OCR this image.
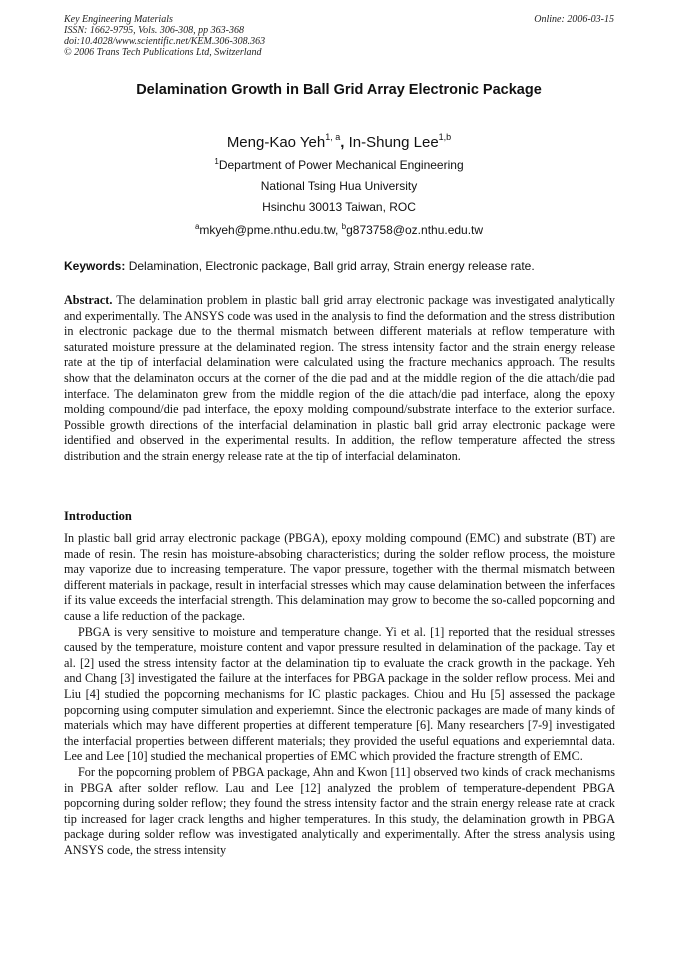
Key Engineering Materials
ISSN: 1662-9795, Vols. 306-308, pp 363-368
doi:10.4028/www.scientific.net/KEM.306-308.363
© 2006 Trans Tech Publications Ltd, Switzerland
Online: 2006-03-15
Delamination Growth in Ball Grid Array Electronic Package
Meng-Kao Yeh$^{1, a}$, In-Shung Lee$^{1,b}$
$^1$Department of Power Mechanical Engineering
National Tsing Hua University
Hsinchu 30013 Taiwan, ROC
$^a$mkyeh@pme.nthu.edu.tw, $^b$g873758@oz.nthu.edu.tw
Keywords: Delamination, Electronic package, Ball grid array, Strain energy release rate.
Abstract. The delamination problem in plastic ball grid array electronic package was investigated analytically and experimentally. The ANSYS code was used in the analysis to find the deformation and the stress distribution in electronic package due to the thermal mismatch between different materials at reflow temperature with saturated moisture pressure at the delaminated region. The stress intensity factor and the strain energy release rate at the tip of interfacial delamination were calculated using the fracture mechanics approach. The results show that the delaminaton occurs at the corner of the die pad and at the middle region of the die attach/die pad interface. The delaminaton grew from the middle region of the die attach/die pad interface, along the epoxy molding compound/die pad interface, the epoxy molding compound/substrate interface to the exterior surface. Possible growth directions of the interfacial delamination in plastic ball grid array electronic package were identified and observed in the experimental results. In addition, the reflow temperature affected the stress distribution and the strain energy release rate at the tip of interfacial delaminaton.
Introduction

In plastic ball grid array electronic package (PBGA), epoxy molding compound (EMC) and substrate (BT) are made of resin. The resin has moisture-absobing characteristics; during the solder reflow process, the moisture may vaporize due to increasing temperature. The vapor pressure, together with the thermal mismatch between different materials in package, result in interfacial stresses which may cause delamination between the inferfaces if its value exceeds the interfacial strength. This delamination may grow to become the so-called popcorning and cause a life reduction of the package.

PBGA is very sensitive to moisture and temperature change. Yi et al. [1] reported that the residual stresses caused by the temperature, moisture content and vapor pressure resulted in delamination of the package. Tay et al. [2] used the stress intensity factor at the delamination tip to evaluate the crack growth in the package. Yeh and Chang [3] investigated the failure at the interfaces for PBGA package in the solder reflow process. Mei and Liu [4] studied the popcorning mechanisms for IC plastic packages. Chiou and Hu [5] assessed the package popcorning using computer simulation and experiemnt. Since the electronic packages are made of many kinds of materials which may have different properties at different temperature [6]. Many researchers [7-9] investigated the interfacial properties between different materials; they provided the useful equations and experiemntal data. Lee and Lee [10] studied the mechanical properties of EMC which provided the fracture strength of EMC.

For the popcorning problem of PBGA package, Ahn and Kwon [11] observed two kinds of crack mechanisms in PBGA after solder reflow. Lau and Lee [12] analyzed the problem of temperature-dependent PBGA popcorning during solder reflow; they found the stress intensity factor and the strain energy release rate at crack tip increased for lager crack lengths and higher temperatures. In this study, the delamination growth in PBGA package during solder reflow was investigated analytically and experimentally. After the stress analysis using ANSYS code, the stress intensity
